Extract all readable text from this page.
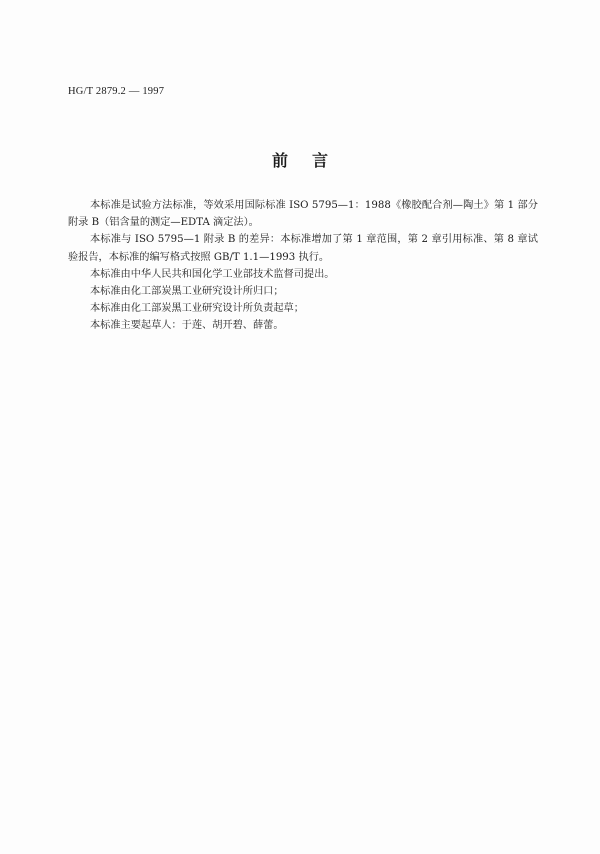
HG/T 2879.2 — 1997
前言

本标准是试验方法标准，等效采用国际标准 ISO 5795—1：1988《橡胶配合剂—陶土》第 1 部分附录 B（铝含量的测定—EDTA 滴定法）。

本标准与 ISO 5795—1 附录 B 的差异：本标准增加了第 1 章范围，第 2 章引用标准、第 8 章试验报告，本标准的编写格式按照 GB/T 1.1—1993 执行。

本标准由中华人民共和国化学工业部技术监督司提出。

本标准由化工部炭黑工业研究设计所归口；

本标准由化工部炭黑工业研究设计所负责起草；

本标准主要起草人：于莲、胡开碧、薛蕾。
